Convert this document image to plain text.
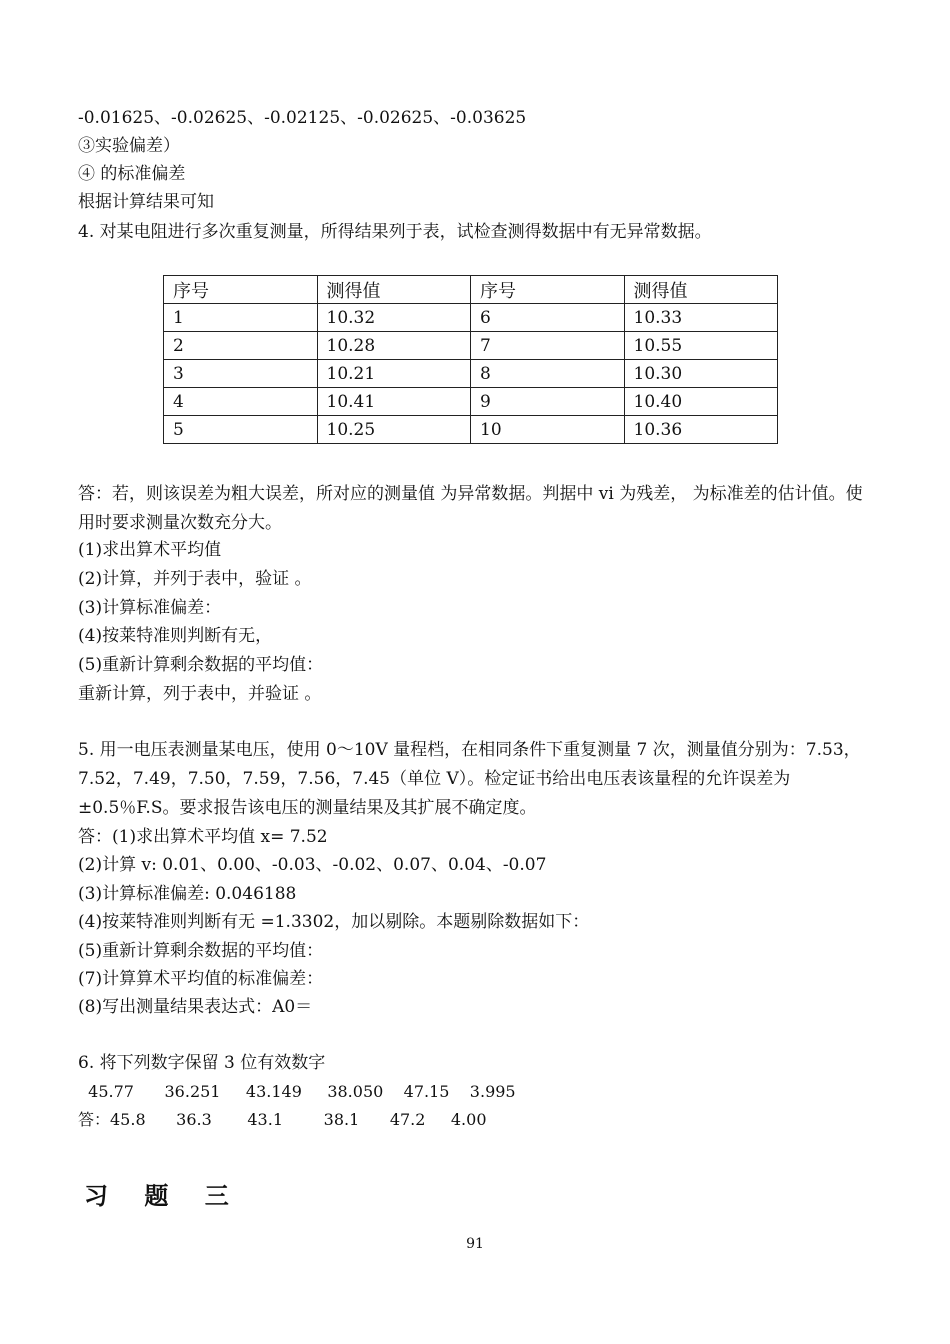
-0.01625、-0.02625、-0.02125、-0.02625、-0.03625
③实验偏差）
④ 的标准偏差
根据计算结果可知
4. 对某电阻进行多次重复测量，所得结果列于表，试检查测得数据中有无异常数据。
序号	测得值	序号	测得值
1	10.32	6	10.33
2	10.28	7	10.55
3	10.21	8	10.30
4	10.41	9	10.40
5	10.25	10	10.36
答：若，则该误差为粗大误差，所对应的测量值 为异常数据。判据中 vi 为残差， 为标准差的估计值。使用时要求测量次数充分大。
(1)求出算术平均值
(2)计算，并列于表中，验证 。
(3)计算标准偏差：
(4)按莱特准则判断有无，
(5)重新计算剩余数据的平均值：
重新计算，列于表中，并验证 。
5. 用一电压表测量某电压，使用 0～10V 量程档，在相同条件下重复测量 7 次，测量值分别为：7.53，7.52，7.49，7.50，7.59，7.56，7.45（单位 V）。检定证书给出电压表该量程的允许误差为±0.5％F.S。要求报告该电压的测量结果及其扩展不确定度。
答：(1)求出算术平均值 x= 7.52
(2)计算 v: 0.01、0.00、-0.03、-0.02、0.07、0.04、-0.07
(3)计算标准偏差: 0.046188
(4)按莱特准则判断有无 =1.3302，加以剔除。本题剔除数据如下：
(5)重新计算剩余数据的平均值：
(7)计算算术平均值的标准偏差：
(8)写出测量结果表达式：A0＝
6. 将下列数字保留 3 位有效数字
45.77      36.251     43.149     38.050    47.15    3.995
答：45.8      36.3       43.1        38.1      47.2     4.00
习 题 三
91
